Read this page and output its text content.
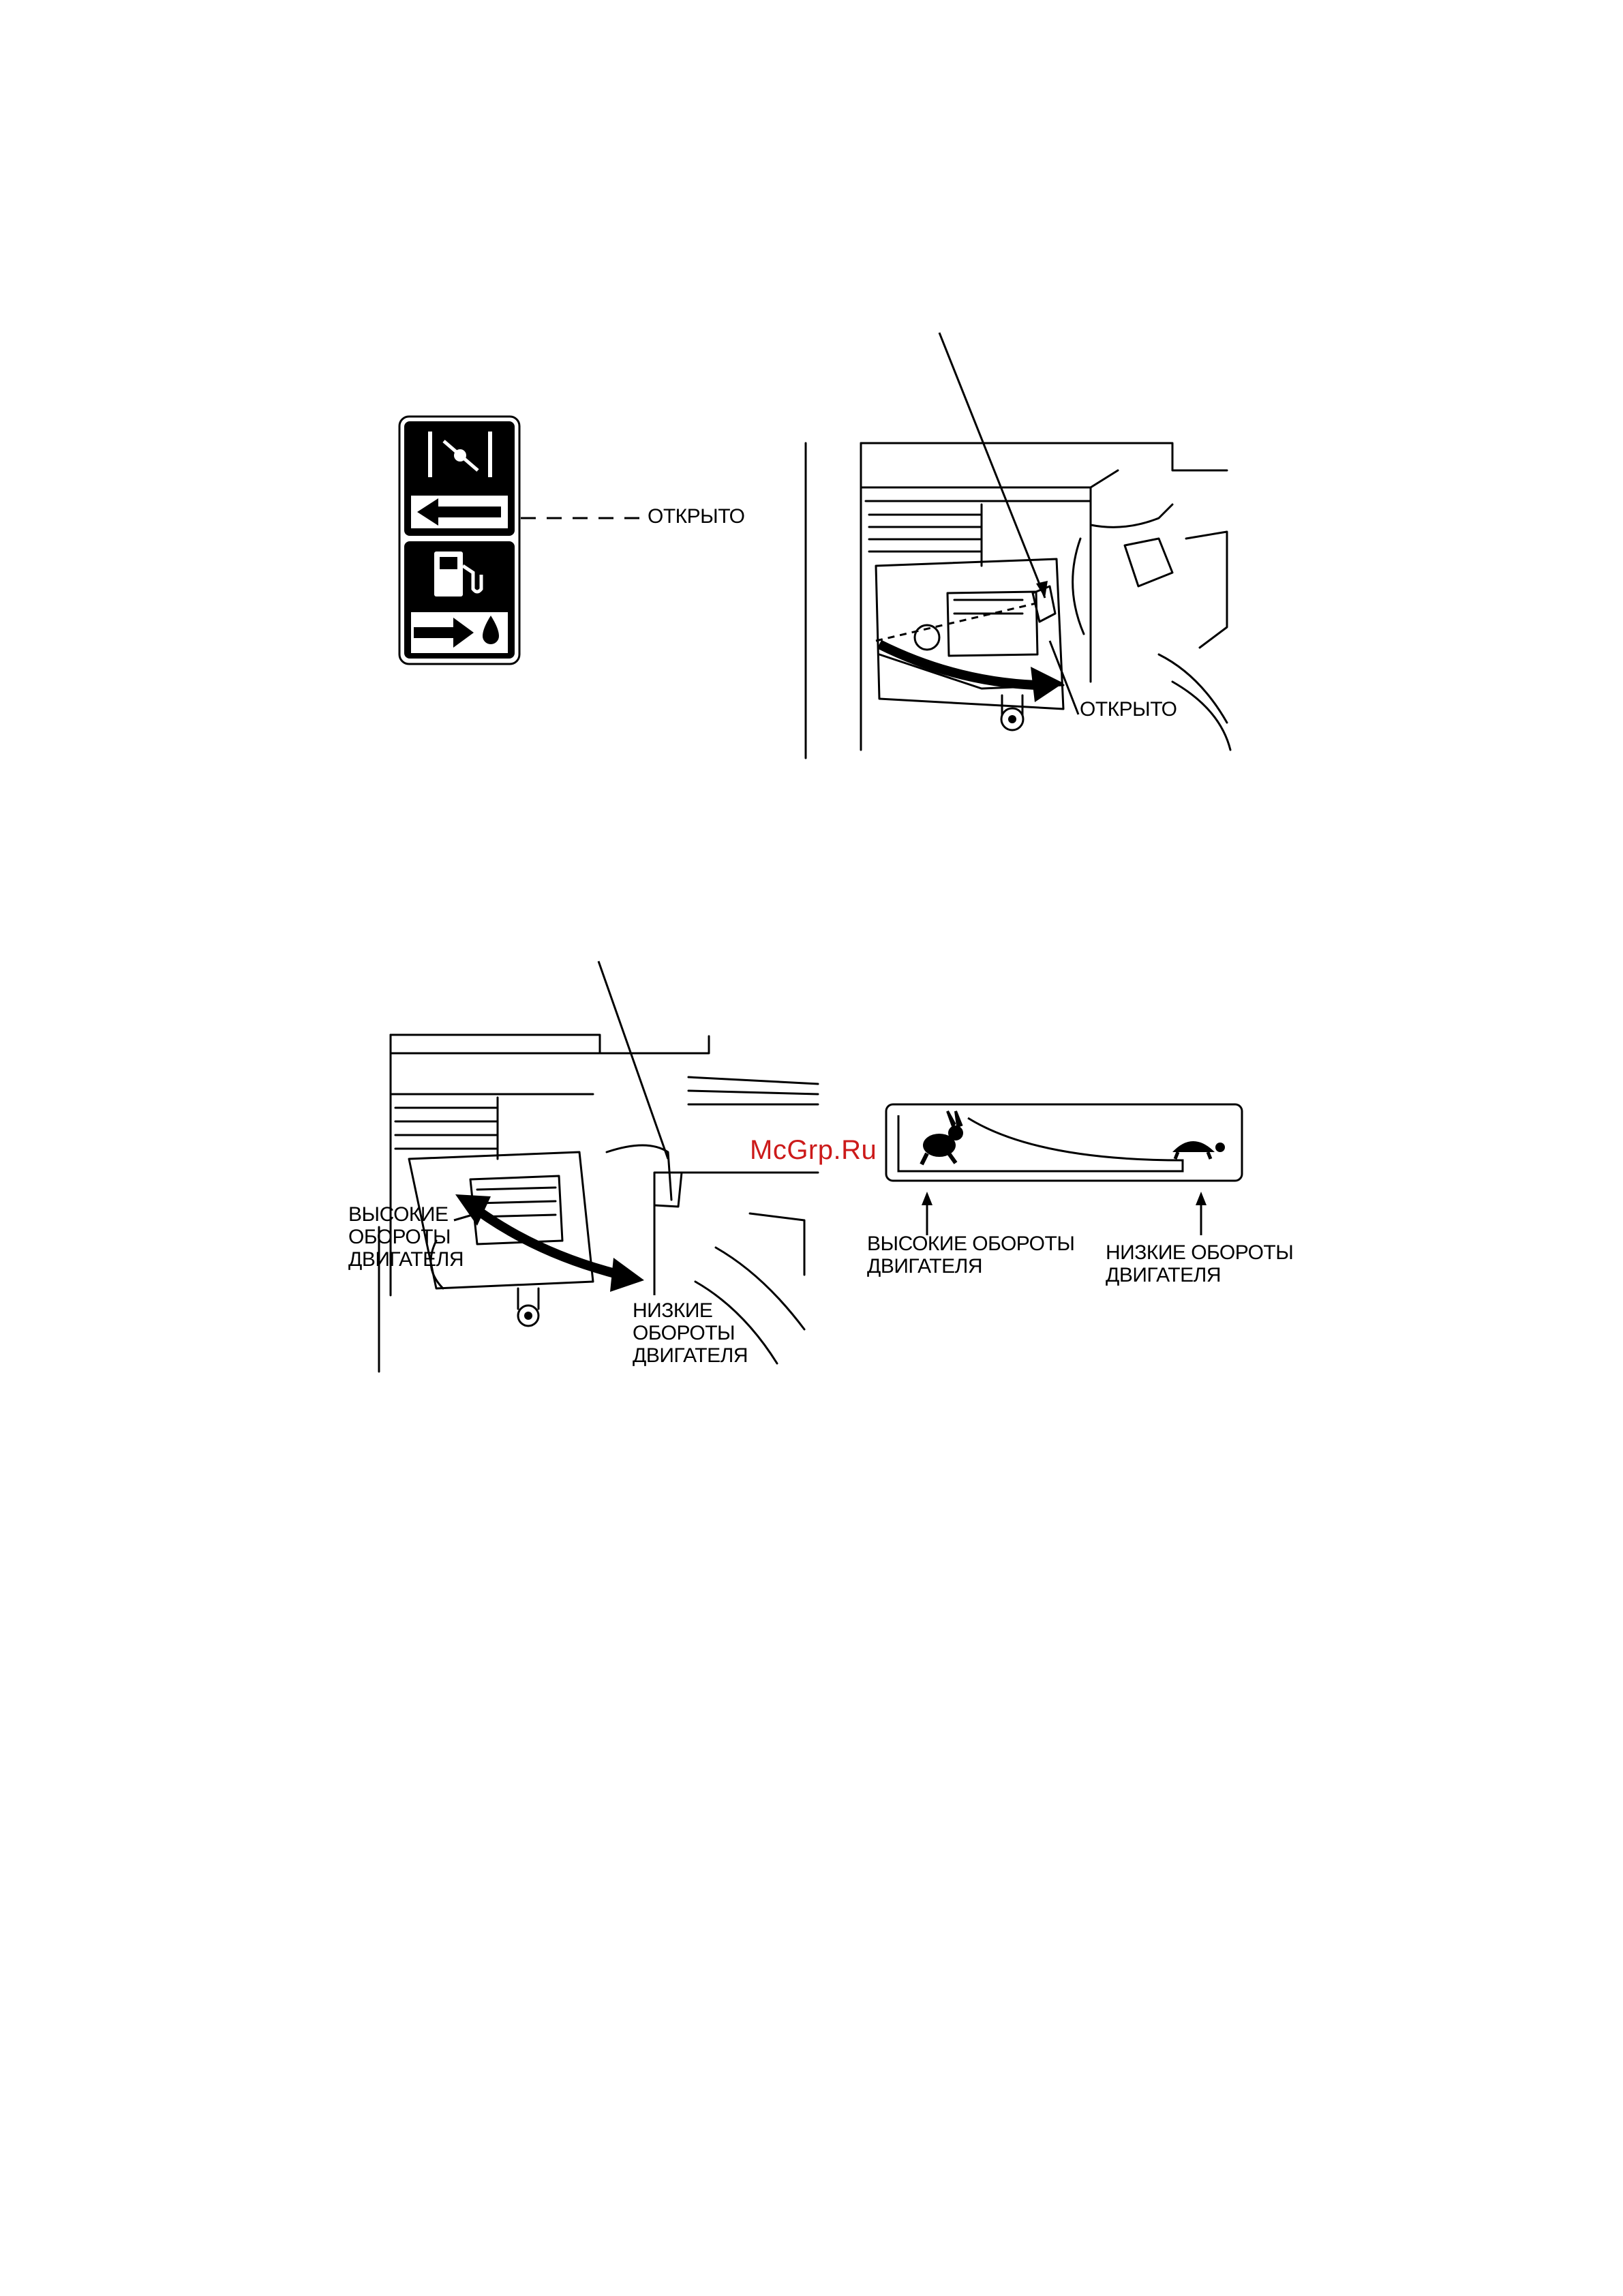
ОТКРЫТО
ОТКРЫТО
ВЫСОКИЕ
ОБОРОТЫ
ДВИГАТЕЛЯ
НИЗКИЕ
ОБОРОТЫ
ДВИГАТЕЛЯ
McGrp.Ru
ВЫСОКИЕ ОБОРОТЫ
ДВИГАТЕЛЯ
НИЗКИЕ ОБОРОТЫ
ДВИГАТЕЛЯ
